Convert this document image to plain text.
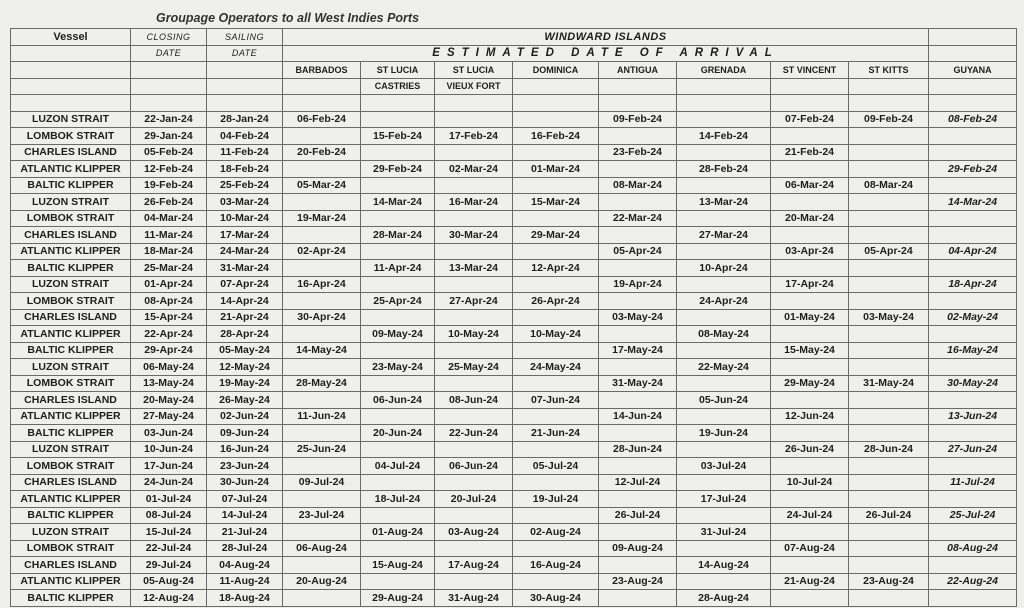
Groupage Operators to all West Indies Ports
Vessel	CLOSING	SAILING	WINDWARD ISLANDS									
	DATE	DATE	ESTIMATED DATE OF ARRIVAL									
			BARBADOS	ST LUCIA	ST LUCIA	DOMINICA	ANTIGUA	GRENADA	ST VINCENT	ST KITTS	GUYANA	
				CASTRIES	VIEUX FORT							

LUZON STRAIT	22-Jan-24	28-Jan-24	06-Feb-24				09-Feb-24		07-Feb-24	09-Feb-24	08-Feb-24	
LOMBOK STRAIT	29-Jan-24	04-Feb-24		15-Feb-24	17-Feb-24	16-Feb-24		14-Feb-24				
CHARLES ISLAND	05-Feb-24	11-Feb-24	20-Feb-24				23-Feb-24		21-Feb-24			
ATLANTIC KLIPPER	12-Feb-24	18-Feb-24		29-Feb-24	02-Mar-24	01-Mar-24		28-Feb-24			29-Feb-24	
BALTIC KLIPPER	19-Feb-24	25-Feb-24	05-Mar-24				08-Mar-24		06-Mar-24	08-Mar-24		
LUZON STRAIT	26-Feb-24	03-Mar-24		14-Mar-24	16-Mar-24	15-Mar-24		13-Mar-24			14-Mar-24	
LOMBOK STRAIT	04-Mar-24	10-Mar-24	19-Mar-24				22-Mar-24		20-Mar-24			
CHARLES ISLAND	11-Mar-24	17-Mar-24		28-Mar-24	30-Mar-24	29-Mar-24		27-Mar-24				
ATLANTIC KLIPPER	18-Mar-24	24-Mar-24	02-Apr-24				05-Apr-24		03-Apr-24	05-Apr-24	04-Apr-24	
BALTIC KLIPPER	25-Mar-24	31-Mar-24		11-Apr-24	13-Mar-24	12-Apr-24		10-Apr-24				
LUZON STRAIT	01-Apr-24	07-Apr-24	16-Apr-24				19-Apr-24		17-Apr-24		18-Apr-24	
LOMBOK STRAIT	08-Apr-24	14-Apr-24		25-Apr-24	27-Apr-24	26-Apr-24		24-Apr-24				
CHARLES ISLAND	15-Apr-24	21-Apr-24	30-Apr-24				03-May-24		01-May-24	03-May-24	02-May-24	
ATLANTIC KLIPPER	22-Apr-24	28-Apr-24		09-May-24	10-May-24	10-May-24		08-May-24				
BALTIC KLIPPER	29-Apr-24	05-May-24	14-May-24				17-May-24		15-May-24		16-May-24	
LUZON STRAIT	06-May-24	12-May-24		23-May-24	25-May-24	24-May-24		22-May-24				
LOMBOK STRAIT	13-May-24	19-May-24	28-May-24				31-May-24		29-May-24	31-May-24	30-May-24	
CHARLES ISLAND	20-May-24	26-May-24		06-Jun-24	08-Jun-24	07-Jun-24		05-Jun-24				
ATLANTIC KLIPPER	27-May-24	02-Jun-24	11-Jun-24				14-Jun-24		12-Jun-24		13-Jun-24	
BALTIC KLIPPER	03-Jun-24	09-Jun-24		20-Jun-24	22-Jun-24	21-Jun-24		19-Jun-24				
LUZON STRAIT	10-Jun-24	16-Jun-24	25-Jun-24				28-Jun-24		26-Jun-24	28-Jun-24	27-Jun-24	
LOMBOK STRAIT	17-Jun-24	23-Jun-24		04-Jul-24	06-Jun-24	05-Jul-24		03-Jul-24				
CHARLES ISLAND	24-Jun-24	30-Jun-24	09-Jul-24				12-Jul-24		10-Jul-24		11-Jul-24	
ATLANTIC KLIPPER	01-Jul-24	07-Jul-24		18-Jul-24	20-Jul-24	19-Jul-24		17-Jul-24				
BALTIC KLIPPER	08-Jul-24	14-Jul-24	23-Jul-24				26-Jul-24		24-Jul-24	26-Jul-24	25-Jul-24	
LUZON STRAIT	15-Jul-24	21-Jul-24		01-Aug-24	03-Aug-24	02-Aug-24		31-Jul-24				
LOMBOK STRAIT	22-Jul-24	28-Jul-24	06-Aug-24				09-Aug-24		07-Aug-24		08-Aug-24	
CHARLES ISLAND	29-Jul-24	04-Aug-24		15-Aug-24	17-Aug-24	16-Aug-24		14-Aug-24				
ATLANTIC KLIPPER	05-Aug-24	11-Aug-24	20-Aug-24				23-Aug-24		21-Aug-24	23-Aug-24	22-Aug-24	
BALTIC KLIPPER	12-Aug-24	18-Aug-24		29-Aug-24	31-Aug-24	30-Aug-24		28-Aug-24				
